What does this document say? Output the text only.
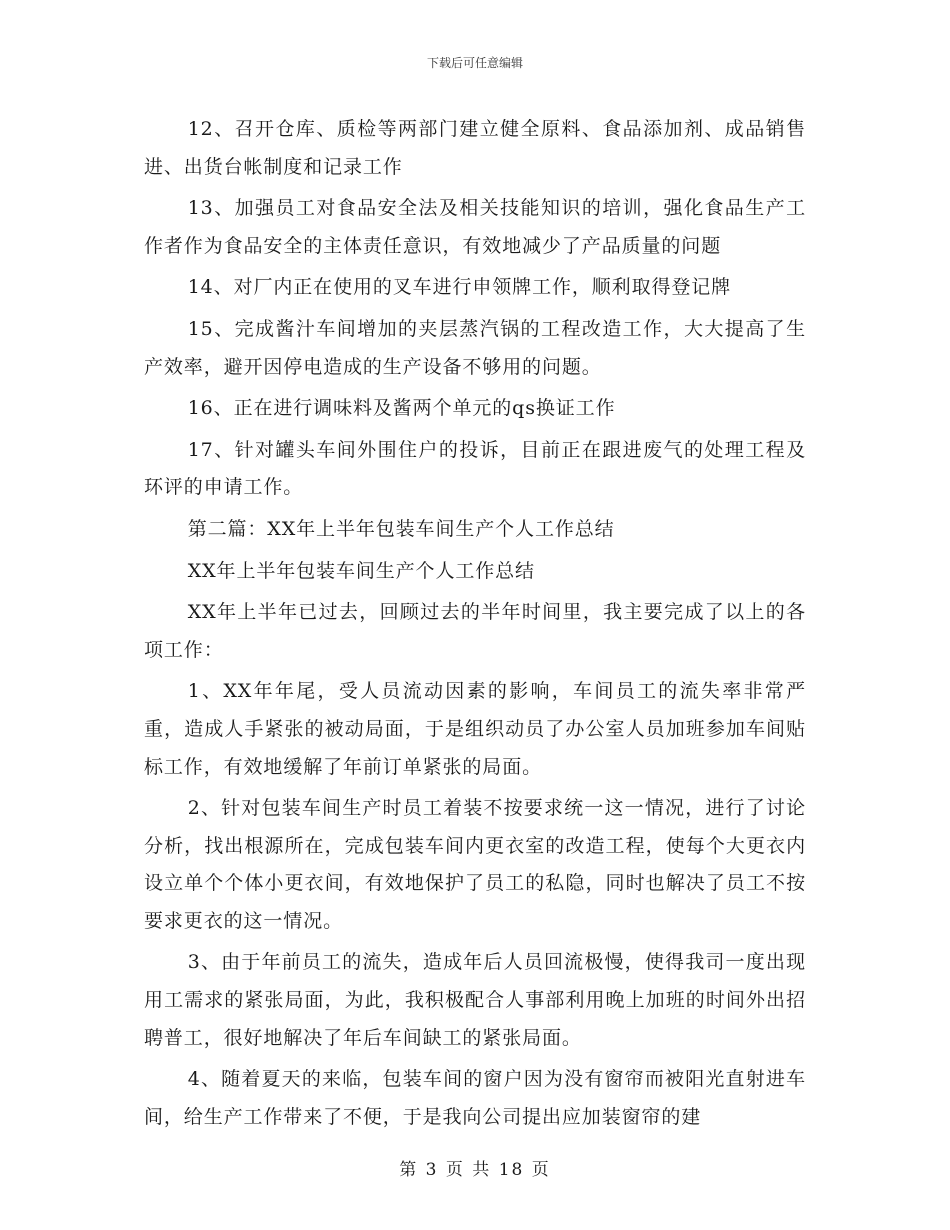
下载后可任意编辑

12、召开仓库、质检等两部门建立健全原料、食品添加剂、成品销售进、出货台帐制度和记录工作

13、加强员工对食品安全法及相关技能知识的培训，强化食品生产工作者作为食品安全的主体责任意识，有效地减少了产品质量的问题

14、对厂内正在使用的叉车进行申领牌工作，顺利取得登记牌

15、完成酱汁车间增加的夹层蒸汽锅的工程改造工作，大大提高了生产效率，避开因停电造成的生产设备不够用的问题。

16、正在进行调味料及酱两个单元的qs换证工作

17、针对罐头车间外围住户的投诉，目前正在跟进废气的处理工程及环评的申请工作。

第二篇：XX年上半年包装车间生产个人工作总结

XX年上半年包装车间生产个人工作总结

XX年上半年已过去，回顾过去的半年时间里，我主要完成了以上的各项工作：

1、XX年年尾，受人员流动因素的影响，车间员工的流失率非常严重，造成人手紧张的被动局面，于是组织动员了办公室人员加班参加车间贴标工作，有效地缓解了年前订单紧张的局面。

2、针对包装车间生产时员工着装不按要求统一这一情况，进行了讨论分析，找出根源所在，完成包装车间内更衣室的改造工程，使每个大更衣内设立单个个体小更衣间，有效地保护了员工的私隐，同时也解决了员工不按要求更衣的这一情况。

3、由于年前员工的流失，造成年后人员回流极慢，使得我司一度出现用工需求的紧张局面，为此，我积极配合人事部利用晚上加班的时间外出招聘普工，很好地解决了年后车间缺工的紧张局面。

4、随着夏天的来临，包装车间的窗户因为没有窗帘而被阳光直射进车间，给生产工作带来了不便，于是我向公司提出应加装窗帘的建

第 3 页 共 18 页
